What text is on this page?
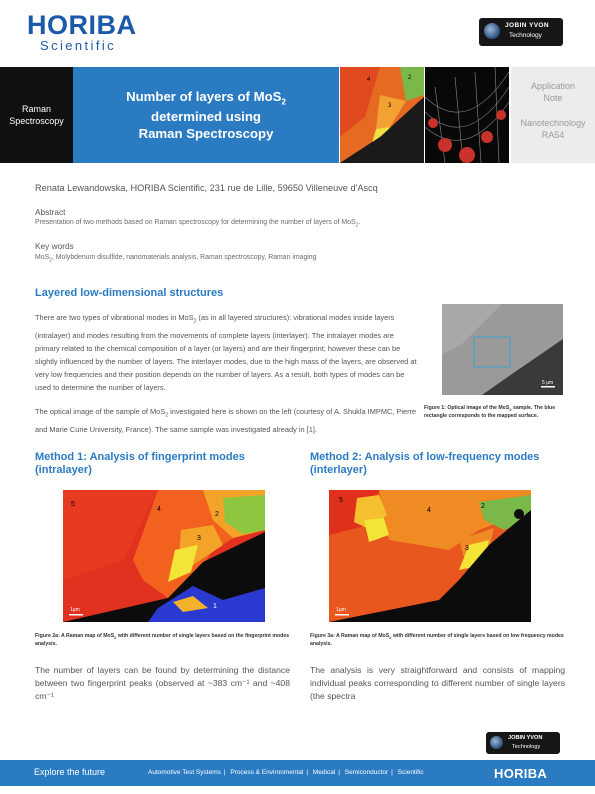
HORIBA
Scientific
JOBIN YVON
Technology
Raman
Spectroscopy
Number of layers of MoS$_2$
determined using
Raman Spectroscopy
4	2
3
Application
Note
Nanotechnology
RA54
Renata Lewandowska, HORIBA Scientific, 231 rue de Lille, 59650 Villeneuve d'Ascq
Abstract
Presentation of two methods based on Raman spectroscopy for determining the number of layers of MoS$_2$.
Key words
MoS$_2$, Molybdenum disulfide, nanomaterials analysis, Raman spectroscopy, Raman imaging
Layered low-dimensional structures
There are two types of vibrational modes in MoS$_2$ (as in all layered structures): vibrational modes inside layers (intralayer) and modes resulting from the movements of complete layers (interlayer). The intralayer modes are primary related to the chemical composition of a layer (or layers) and are their fingerprint; however these can be slightly influenced by the number of layers. The interlayer modes, due to the high mass of the layers, are observed at very low frequencies and their position depends on the number of layers. As a result, both types of modes can be used to determine the number of layers.
The optical image of the sample of MoS$_2$ investigated here is shown on the left (courtesy of A. Shukla IMPMC, Pierre and Marie Curie University, France). The same sample was investigated already in [1].
5 µm
Figure 1: Optical image of the MoS$_2$ sample. The blue rectangle corresponds to the mapped surface.
Method 1: Analysis of fingerprint modes
(intralayer)
1µm
5
4
2
3
1
Figure 2a: A Raman map of MoS$_2$ with different number of single layers based on the fingerprint modes analysis.
The number of layers can be found by determining the distance between two fingerprint peaks (observed at ~383 cm⁻¹ and ~408 cm⁻¹
Method 2: Analysis of low-frequency modes
(interlayer)
1µm
5
4
2
3
Figure 3a: A Raman map of MoS$_2$ with different number of single layers based on low frequency modes analysis.
The analysis is very straightforward and consists of mapping individual peaks corresponding to different number of single layers (the spectra
JOBIN YVON
Technology
Explore the future	Automotive Test Systems | Process & Environmental | Medical | Semiconductor | Scientific	HORIBA
